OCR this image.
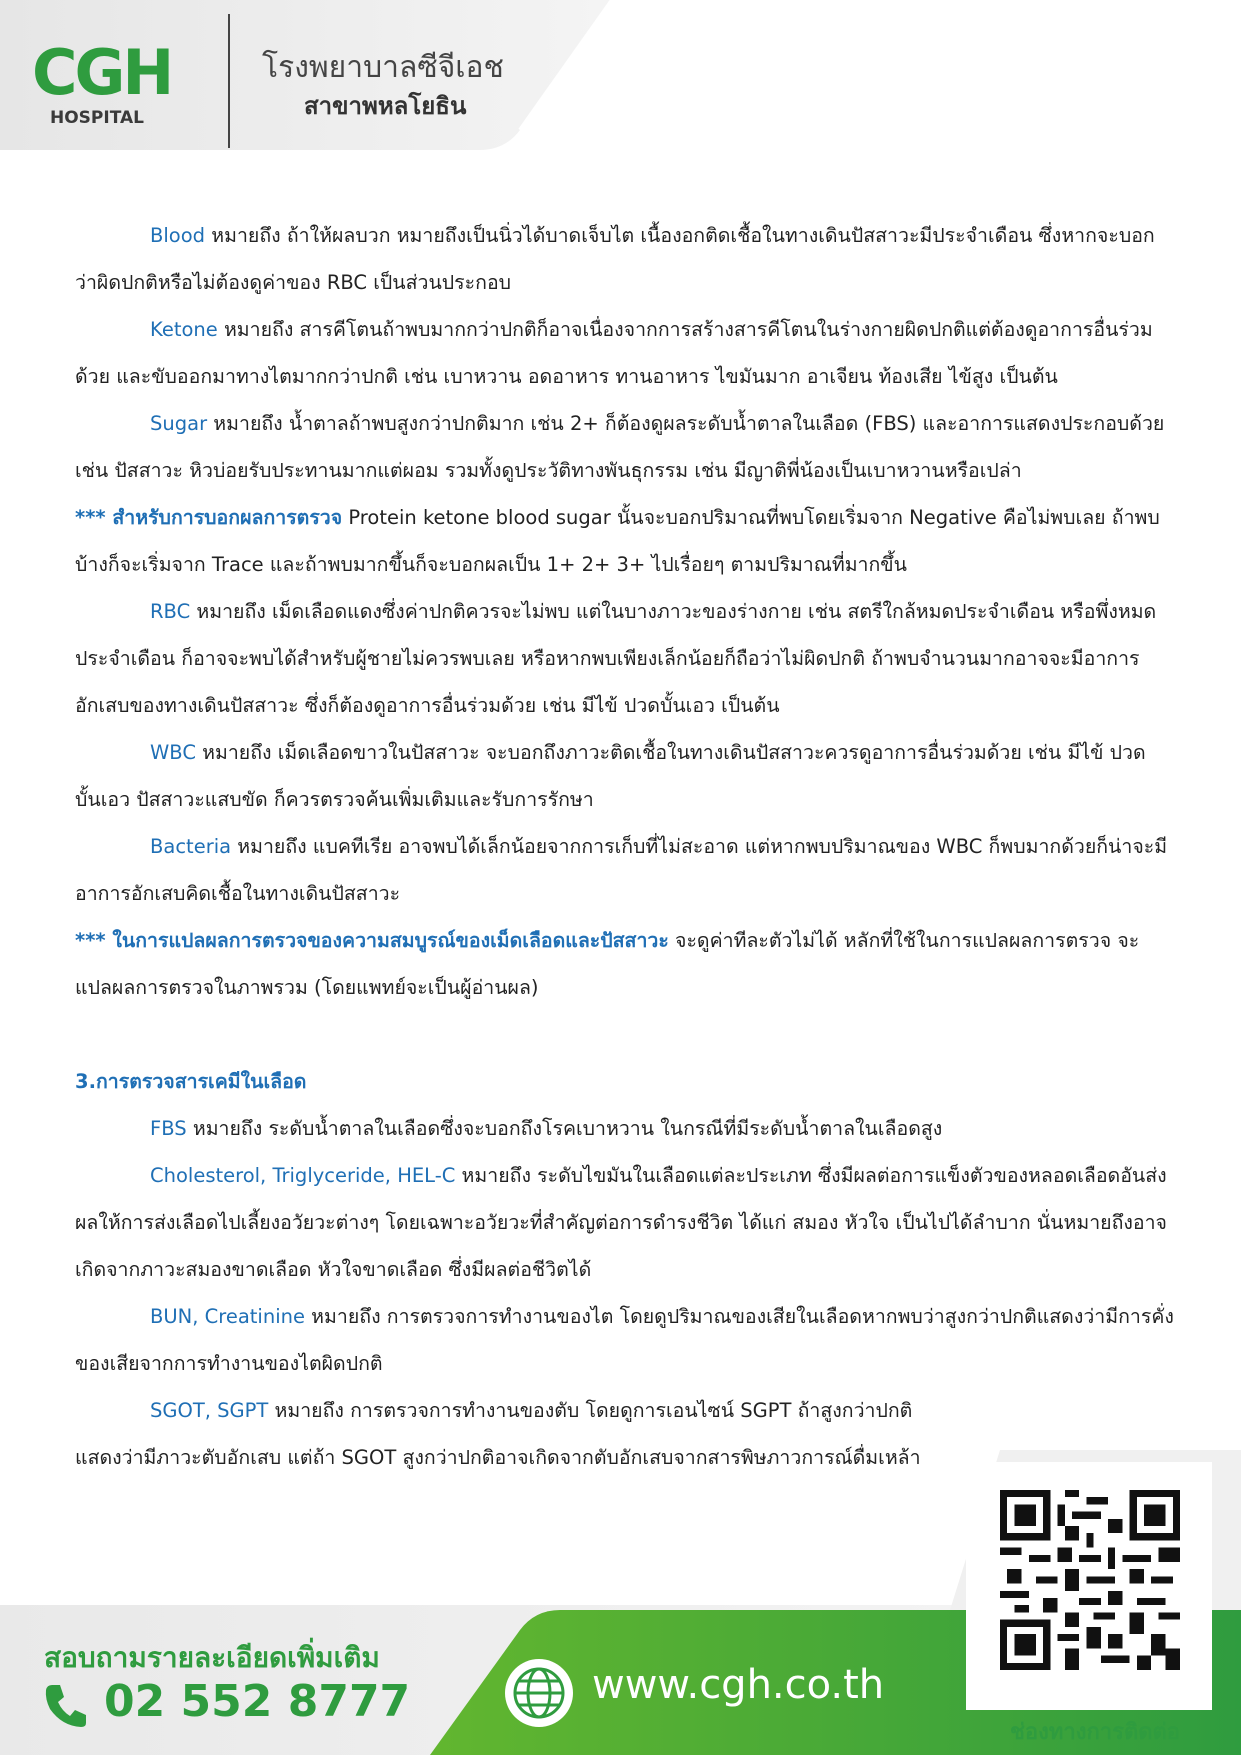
CGH
HOSPITAL
โรงพยาบาลซีจีเอช
สาขาพหลโยธิน

Blood หมายถึง ถ้าให้ผลบวก หมายถึงเป็นนิ่วได้บาดเจ็บไต เนื้องอกติดเชื้อในทางเดินปัสสาวะมีประจำเดือน ซึ่งหากจะบอกว่าผิดปกติหรือไม่ต้องดูค่าของ RBC เป็นส่วนประกอบ

Ketone หมายถึง สารคีโตนถ้าพบมากกว่าปกติก็อาจเนื่องจากการสร้างสารคีโตนในร่างกายผิดปกติแต่ต้องดูอาการอื่นร่วมด้วย และขับออกมาทางไตมากกว่าปกติ เช่น เบาหวาน อดอาหาร ทานอาหาร ไขมันมาก อาเจียน ท้องเสีย ไข้สูง เป็นต้น

Sugar หมายถึง น้ำตาลถ้าพบสูงกว่าปกติมาก เช่น 2+ ก็ต้องดูผลระดับน้ำตาลในเลือด (FBS) และอาการแสดงประกอบด้วย เช่น ปัสสาวะ หิวบ่อยรับประทานมากแต่ผอม รวมทั้งดูประวัติทางพันธุกรรม เช่น มีญาติพี่น้องเป็นเบาหวานหรือเปล่า

*** สำหรับการบอกผลการตรวจ Protein ketone blood sugar นั้นจะบอกปริมาณที่พบโดยเริ่มจาก Negative คือไม่พบเลย ถ้าพบบ้างก็จะเริ่มจาก Trace และถ้าพบมากขึ้นก็จะบอกผลเป็น 1+ 2+ 3+ ไปเรื่อยๆ ตามปริมาณที่มากขึ้น

RBC หมายถึง เม็ดเลือดแดงซึ่งค่าปกติควรจะไม่พบ แต่ในบางภาวะของร่างกาย เช่น สตรีใกล้หมดประจำเดือน หรือพึ่งหมดประจำเดือน ก็อาจจะพบได้สำหรับผู้ชายไม่ควรพบเลย หรือหากพบเพียงเล็กน้อยก็ถือว่าไม่ผิดปกติ ถ้าพบจำนวนมากอาจจะมีอาการอักเสบของทางเดินปัสสาวะ ซึ่งก็ต้องดูอาการอื่นร่วมด้วย เช่น มีไข้ ปวดบั้นเอว เป็นต้น

WBC หมายถึง เม็ดเลือดขาวในปัสสาวะ จะบอกถึงภาวะติดเชื้อในทางเดินปัสสาวะควรดูอาการอื่นร่วมด้วย เช่น มีไข้ ปวดบั้นเอว ปัสสาวะแสบขัด ก็ควรตรวจค้นเพิ่มเติมและรับการรักษา

Bacteria หมายถึง แบคทีเรีย อาจพบได้เล็กน้อยจากการเก็บที่ไม่สะอาด แต่หากพบปริมาณของ WBC ก็พบมากด้วยก็น่าจะมีอาการอักเสบคิดเชื้อในทางเดินปัสสาวะ

*** ในการแปลผลการตรวจของความสมบูรณ์ของเม็ดเลือดและปัสสาวะ จะดูค่าทีละตัวไม่ได้ หลักที่ใช้ในการแปลผลการตรวจ จะแปลผลการตรวจในภาพรวม (โดยแพทย์จะเป็นผู้อ่านผล)

3.การตรวจสารเคมีในเลือด

FBS หมายถึง ระดับน้ำตาลในเลือดซึ่งจะบอกถึงโรคเบาหวาน ในกรณีที่มีระดับน้ำตาลในเลือดสูง

Cholesterol, Triglyceride, HEL-C หมายถึง ระดับไขมันในเลือดแต่ละประเภท ซึ่งมีผลต่อการแข็งตัวของหลอดเลือดอันส่งผลให้การส่งเลือดไปเลี้ยงอวัยวะต่างๆ โดยเฉพาะอวัยวะที่สำคัญต่อการดำรงชีวิต ได้แก่ สมอง หัวใจ เป็นไปได้ลำบาก นั่นหมายถึงอาจเกิดจากภาวะสมองขาดเลือด หัวใจขาดเลือด ซึ่งมีผลต่อชีวิตได้

BUN, Creatinine หมายถึง การตรวจการทำงานของไต โดยดูปริมาณของเสียในเลือดหากพบว่าสูงกว่าปกติแสดงว่ามีการคั่งของเสียจากการทำงานของไตผิดปกติ

SGOT, SGPT หมายถึง การตรวจการทำงานของตับ โดยดูการเอนไซน์ SGPT ถ้าสูงกว่าปกติ แสดงว่ามีภาวะตับอักเสบ แต่ถ้า SGOT สูงกว่าปกติอาจเกิดจากตับอักเสบจากสารพิษภาวการณ์ดื่มเหล้า

สอบถามรายละเอียดเพิ่มเติม
02 552 8777	www.cgh.co.th
ช่องทางการติดต่อ
